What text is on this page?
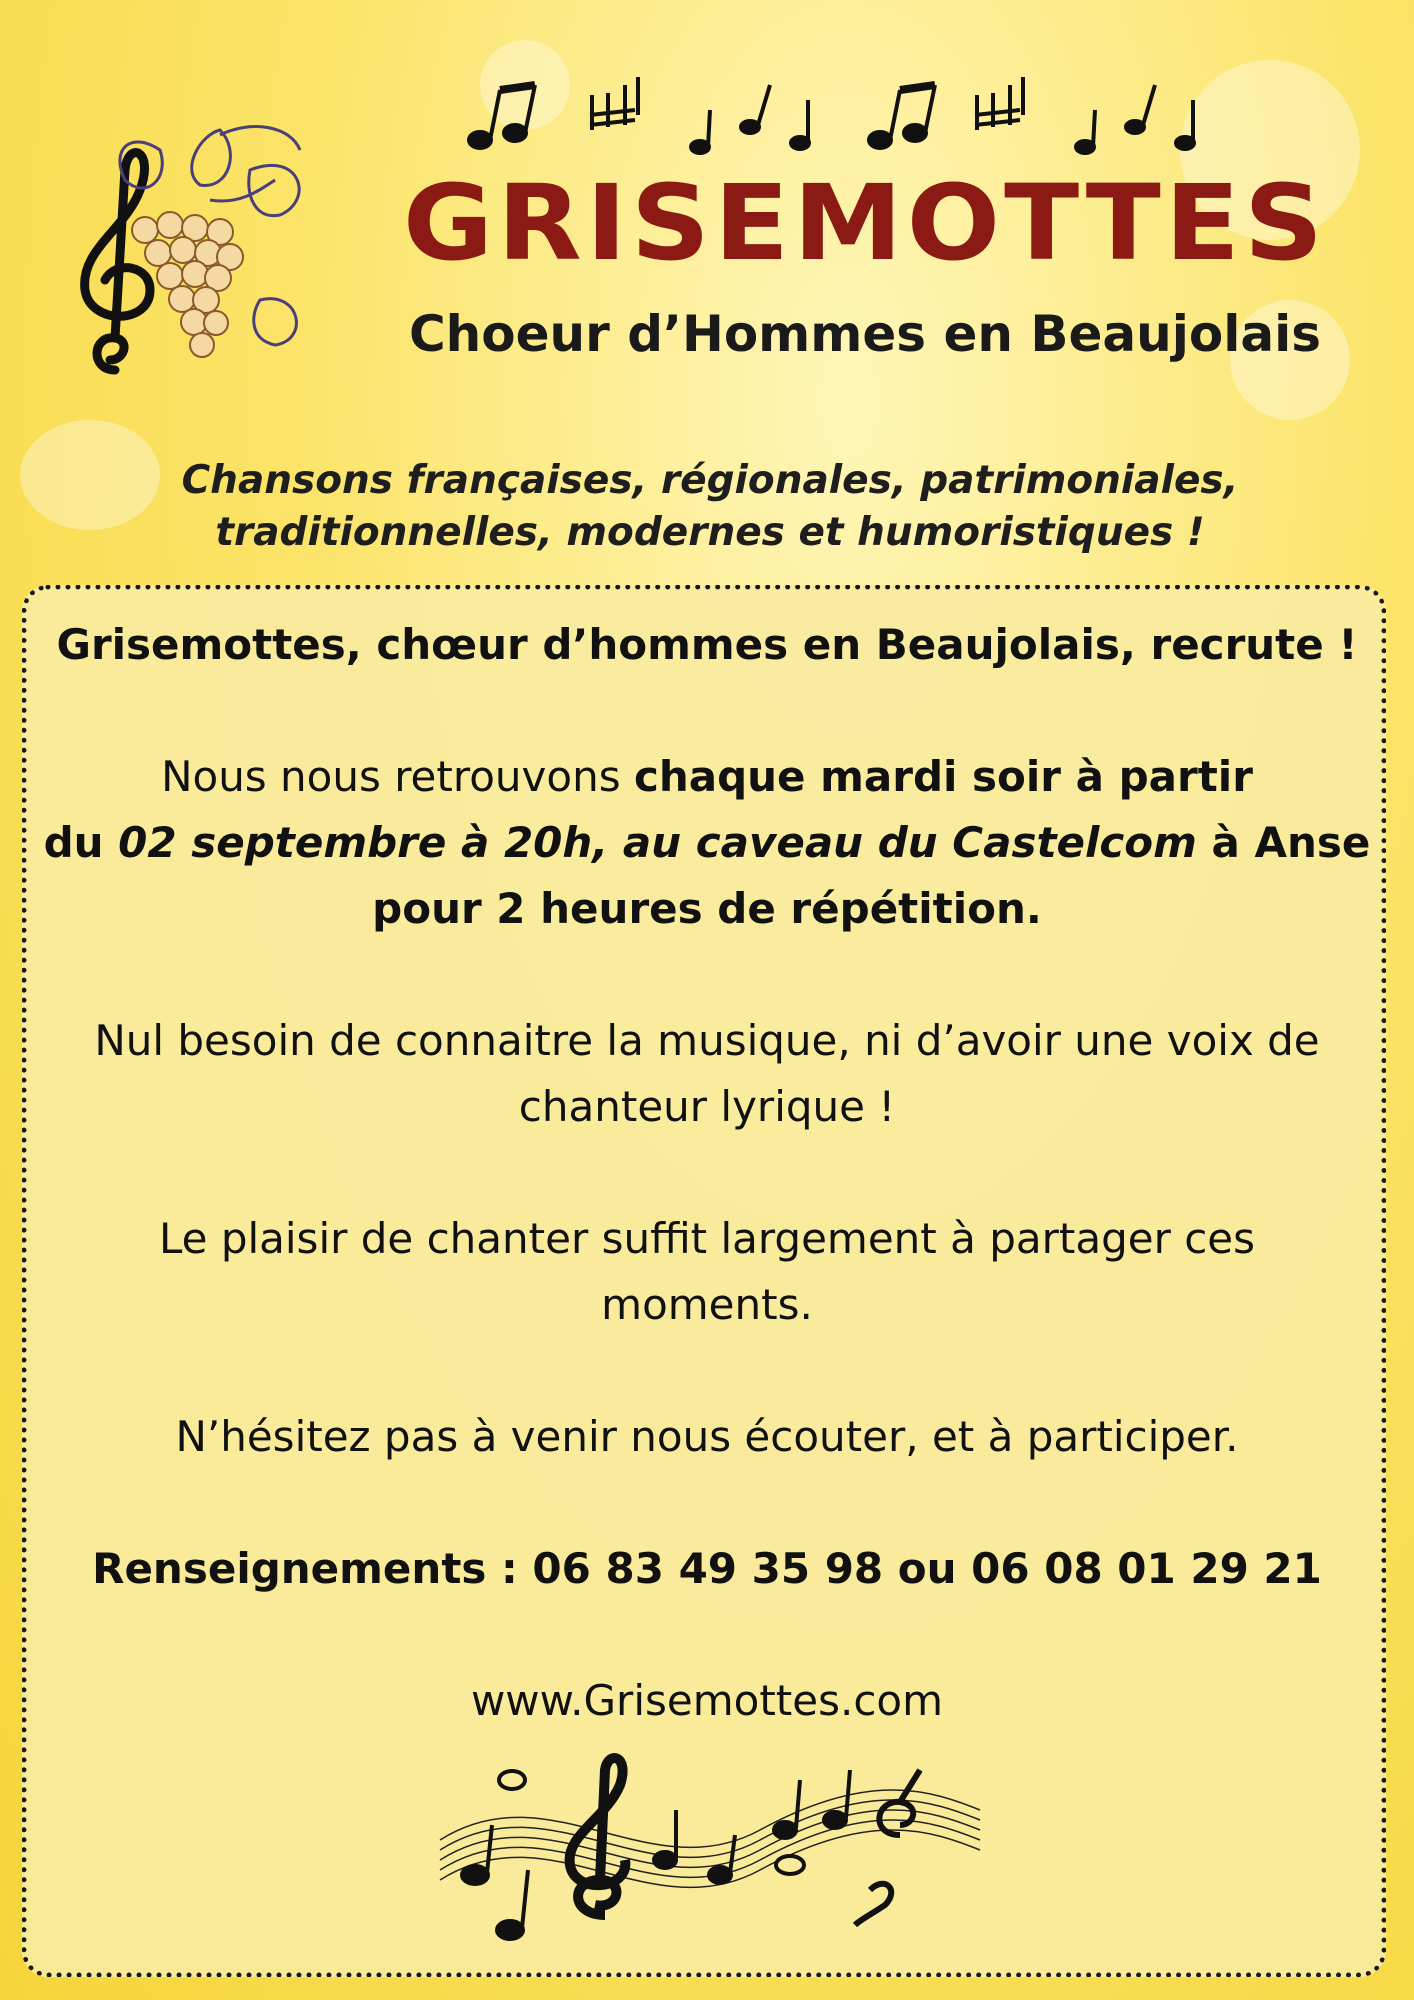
GRISEMOTTES
Choeur d’Hommes en Beaujolais
Chansons françaises, régionales, patrimoniales,
traditionnelles, modernes et humoristiques !

Grisemottes, chœur d’hommes en Beaujolais, recrute !

Nous nous retrouvons chaque mardi soir à partir
du 02 septembre à 20h, au caveau du Castelcom à Anse
pour 2 heures de répétition.

Nul besoin de connaitre la musique, ni d’avoir une voix de
chanteur lyrique !

Le plaisir de chanter suffit largement à partager ces
moments.

N’hésitez pas à venir nous écouter, et à participer.

Renseignements : 06 83 49 35 98 ou 06 08 01 29 21

www.Grisemottes.com
